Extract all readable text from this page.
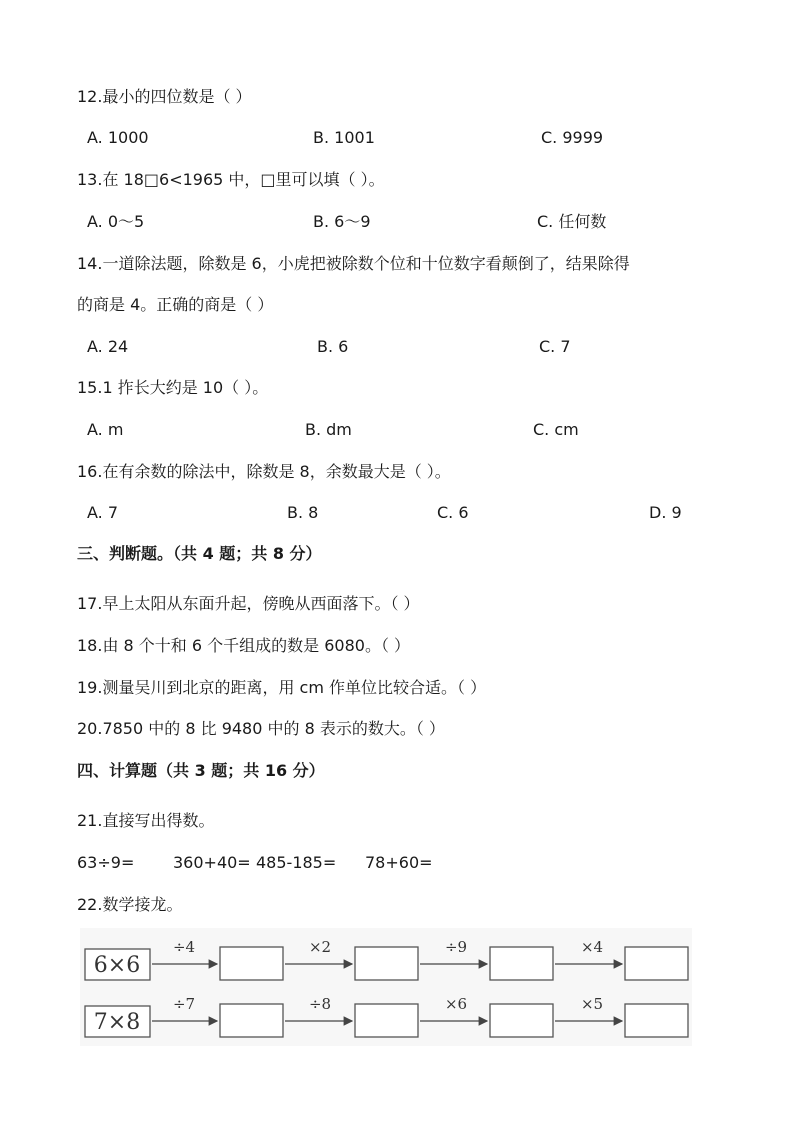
12.最小的四位数是（ ）
A. 1000	B. 1001	C. 9999
13.在 18□6<1965 中，□里可以填（ ）。
A. 0～5	B. 6～9	C. 任何数
14.一道除法题，除数是 6，小虎把被除数个位和十位数字看颠倒了，结果除得
的商是 4。正确的商是（ ）
A. 24	B. 6	C. 7
15.1 拃长大约是 10（ ）。
A. m	B. dm	C. cm
16.在有余数的除法中，除数是 8，余数最大是（ ）。
A. 7	B. 8	C. 6	D. 9
三、判断题。（共 4 题；共 8 分）
17.早上太阳从东面升起，傍晚从西面落下。（ ）
18.由 8 个十和 6 个千组成的数是 6080。（ ）
19.测量吴川到北京的距离，用 cm 作单位比较合适。（ ）
20.7850 中的 8 比 9480 中的 8 表示的数大。（ ）
四、计算题（共 3 题；共 16 分）
21.直接写出得数。
63÷9= 360+40= 485-185= 78+60=
22.数学接龙。
6×6
÷4	×2	÷9	×4
7×8
÷7	÷8	×6	×5
